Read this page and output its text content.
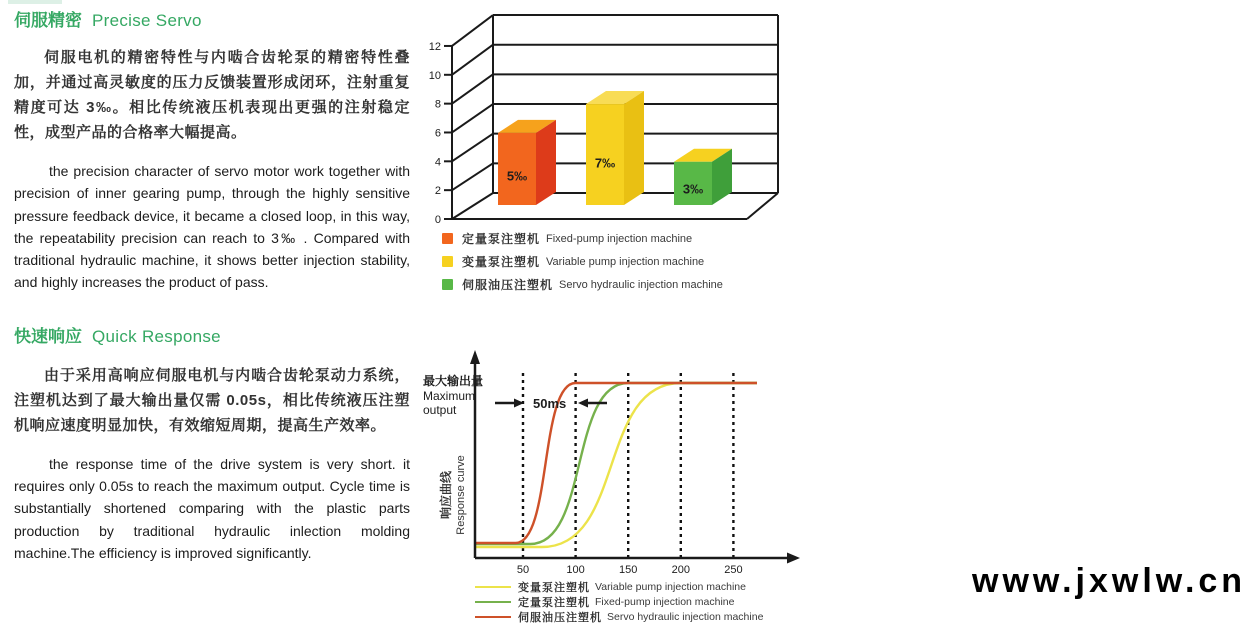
伺服精密 Precise Servo

伺服电机的精密特性与内啮合齿轮泵的精密特性叠加，并通过高灵敏度的压力反馈装置形成闭环，注射重复精度可达 3‰。相比传统液压机表现出更强的注射稳定性，成型产品的合格率大幅提高。

the precision character of servo motor work together with precision of inner gearing pump, through the highly sensitive pressure feedback device, it became a closed loop, in this way, the repeatability precision can reach to 3‰ . Compared with traditional hydraulic machine, it shows better injection stability, and highly increases the product of pass.

快速响应 Quick Response

由于采用高响应伺服电机与内啮合齿轮泵动力系统，注塑机达到了最大输出量仅需 0.05s，相比传统液压注塑机响应速度明显加快，有效缩短周期，提高生产效率。

the response time of the drive system is very short. it requires only 0.05s to reach the maximum output. Cycle time is substantially shortened comparing with the plastic parts production by traditional hydraulic inlection molding machine.The efficiency is improved significantly.

0
2
4
6
8
10
12
5‰
7‰
3‰
定量泵注塑机 Fixed-pump injection machine
变量泵注塑机 Variable pump injection machine
伺服油压注塑机 Servo hydraulic injection machine
50	100	150	200	250
50ms
最大输出量
Maximum
output
响应曲线 Response curve
变量泵注塑机 Variable pump injection machine
定量泵注塑机 Fixed-pump injection machine
伺服油压注塑机 Servo hydraulic injection machine
www.jxwlw.cn
